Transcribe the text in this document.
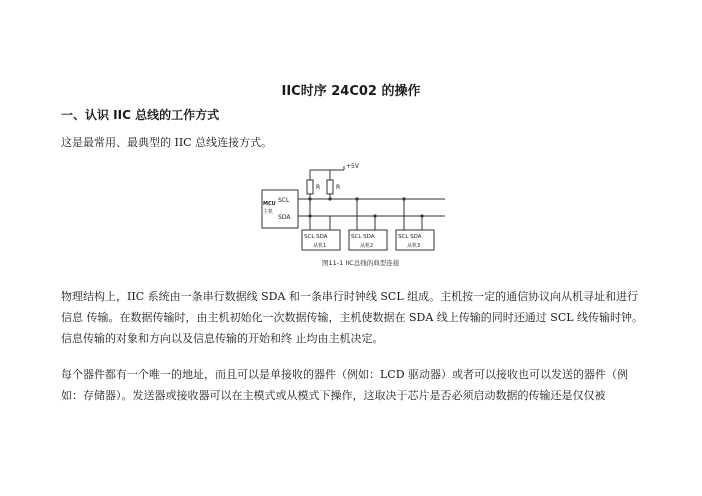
IIC时序 24C02 的操作
一、认识 IIC 总线的工作方式
这是最常用、最典型的 IIC 总线连接方式。
+5V
R	R
MCU
主机
SCL
SDA
SCL SDA
从机1
SCL SDA
从机2
SCL SDA
从机3
图11-1 IIC总线的典型连接
物理结构上，IIC 系统由一条串行数据线 SDA 和一条串行时钟线 SCL 组成。主机按一定的通信协议向从机寻址和进行信息 传输。在数据传输时，由主机初始化一次数据传输，主机使数据在 SDA 线上传输的同时还通过 SCL 线传输时钟。信息传输的对象和方向以及信息传输的开始和终 止均由主机决定。
每个器件都有一个唯一的地址，而且可以是单接收的器件（例如：LCD 驱动器）或者可以接收也可以发送的器件（例如：存储器）。发送器或接收器可以在主模式或从模式下操作，这取决于芯片是否必须启动数据的传输还是仅仅被
